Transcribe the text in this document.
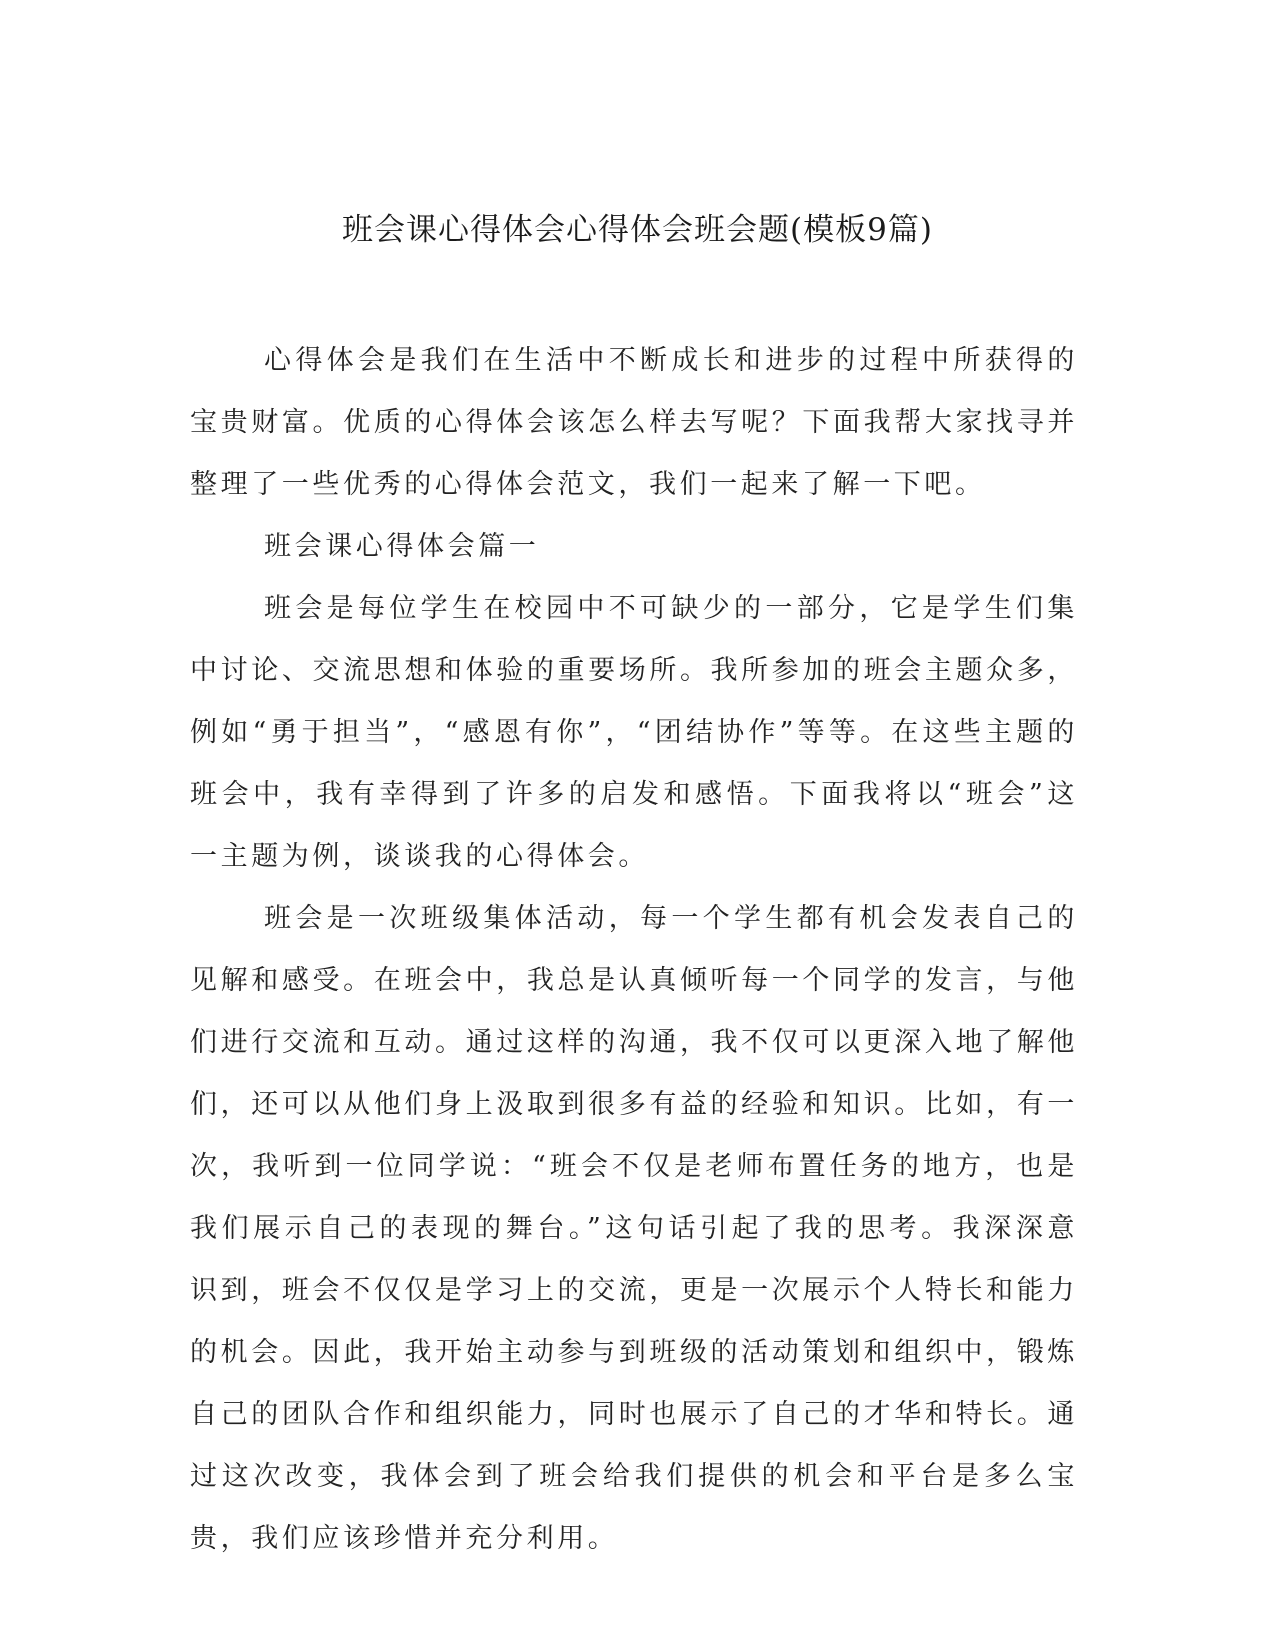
班会课心得体会心得体会班会题(模板9篇)

心得体会是我们在生活中不断成长和进步的过程中所获得的宝贵财富。优质的心得体会该怎么样去写呢？下面我帮大家找寻并整理了一些优秀的心得体会范文，我们一起来了解一下吧。

班会课心得体会篇一

班会是每位学生在校园中不可缺少的一部分，它是学生们集中讨论、交流思想和体验的重要场所。我所参加的班会主题众多，例如“勇于担当”，“感恩有你”，“团结协作”等等。在这些主题的班会中，我有幸得到了许多的启发和感悟。下面我将以“班会”这一主题为例，谈谈我的心得体会。

班会是一次班级集体活动，每一个学生都有机会发表自己的见解和感受。在班会中，我总是认真倾听每一个同学的发言，与他们进行交流和互动。通过这样的沟通，我不仅可以更深入地了解他们，还可以从他们身上汲取到很多有益的经验和知识。比如，有一次，我听到一位同学说：“班会不仅是老师布置任务的地方，也是我们展示自己的表现的舞台。”这句话引起了我的思考。我深深意识到，班会不仅仅是学习上的交流，更是一次展示个人特长和能力的机会。因此，我开始主动参与到班级的活动策划和组织中，锻炼自己的团队合作和组织能力，同时也展示了自己的才华和特长。通过这次改变，我体会到了班会给我们提供的机会和平台是多么宝贵，我们应该珍惜并充分利用。
